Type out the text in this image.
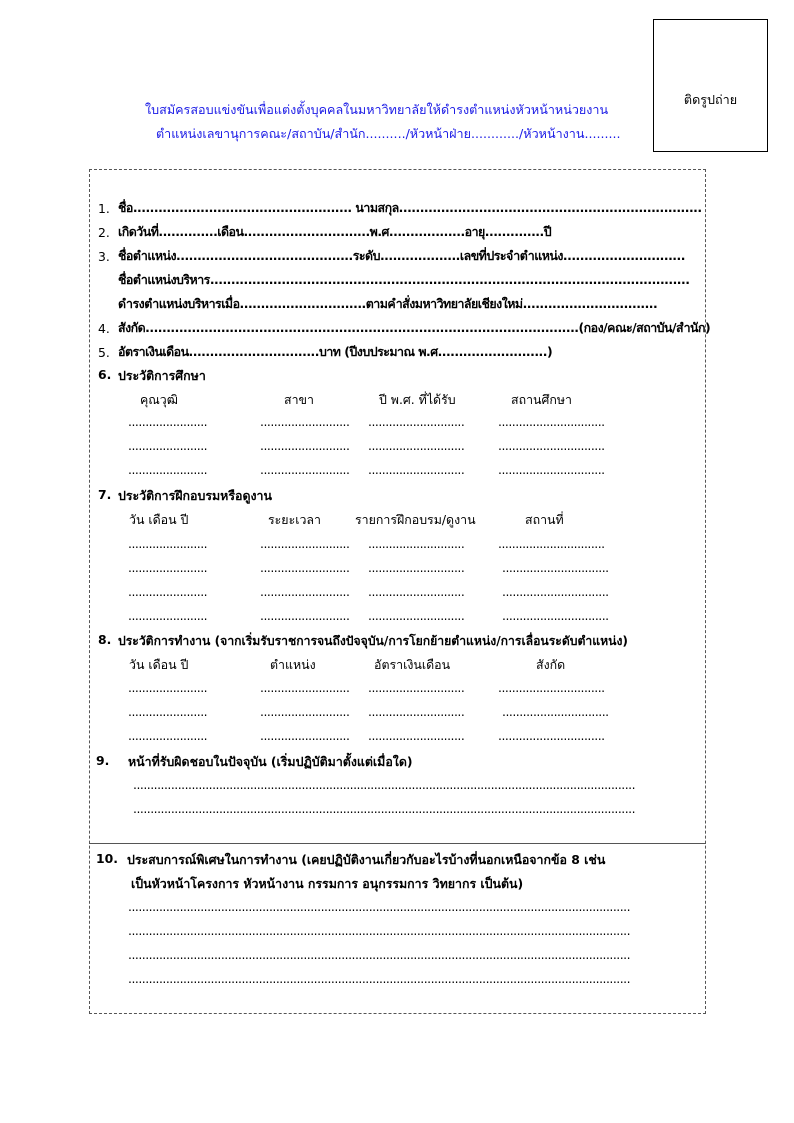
ติดรูปถ่าย
ใบสมัครสอบแข่งขันเพื่อแต่งตั้งบุคคลในมหาวิทยาลัยให้ดำรงตำแหน่งหัวหน้าหน่วยงาน
ตำแหน่งเลขานุการคณะ/สถาบัน/สำนัก........../หัวหน้าฝ่าย............/หัวหน้างาน.........
1. ชื่อ.................................................... นามสกุล........................................................................
2. เกิดวันที่..............เดือน..............................พ.ศ..................อายุ..............ปี
3. ชื่อตำแหน่ง..........................................ระดับ...................เลขที่ประจำตำแหน่ง.............................
ชื่อตำแหน่งบริหาร..................................................................................................................
ดำรงตำแหน่งบริหารเมื่อ..............................ตามคำสั่งมหาวิทยาลัยเชียงใหม่................................
4. สังกัด.......................................................................................................(กอง/คณะ/สถาบัน/สำนัก)
5. อัตราเงินเดือน...............................บาท (ปีงบประมาณ พ.ศ..........................)
6. ประวัติการศึกษา
คุณวุฒิ	สาขา	ปี พ.ศ. ที่ได้รับ	สถานศึกษา
.......................	.......................... ............................	...............................
.......................	.......................... ............................	...............................
.......................	.......................... ............................	...............................
7. ประวัติการฝึกอบรมหรือดูงาน
วัน เดือน ปี	ระยะเวลา	รายการฝึกอบรม/ดูงาน	สถานที่
.......................	.......................... ............................	...............................
.......................	.......................... ............................	...............................
.......................	.......................... ............................	...............................
.......................	.......................... ............................	...............................
8. ประวัติการทำงาน (จากเริ่มรับราชการจนถึงปัจจุบัน/การโยกย้ายตำแหน่ง/การเลื่อนระดับตำแหน่ง)
วัน เดือน ปี	ตำแหน่ง	อัตราเงินเดือน	สังกัด
.......................	.......................... ............................	...............................
.......................	.......................... ............................	...............................
.......................	.......................... ............................	...............................
9. หน้าที่รับผิดชอบในปัจจุบัน (เริ่มปฏิบัติมาตั้งแต่เมื่อใด)
..................................................................................................................................................
..................................................................................................................................................
10. ประสบการณ์พิเศษในการทำงาน (เคยปฏิบัติงานเกี่ยวกับอะไรบ้างที่นอกเหนือจากข้อ 8 เช่น
เป็นหัวหน้าโครงการ หัวหน้างาน กรรมการ อนุกรรมการ วิทยากร เป็นต้น)
..................................................................................................................................................
..................................................................................................................................................
..................................................................................................................................................
..................................................................................................................................................
